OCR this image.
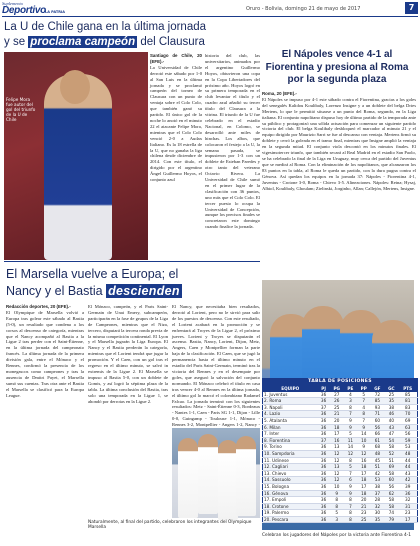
Suplemento
Deportivo LA PATRIA	Oruro - Bolivia, domingo 21 de mayo de 2017	7
La U de Chile gana en la última jornada
y se proclama campeón del Clausura
Felipe Mora fue autor del gol del triunfo de la U de Chile
Santiago de Chile, 20 (EFE).-
La Universidad de Chile derrotó este sábado por 1-0 al San Luis en la última jornada y se proclamó campeón del torneo de Clausura con un punto de ventaja sobre el Colo Colo, que también ganó su partido. El único gol de la noche lo anotó en el minuto 22 el atacante Felipe Mora, mientras que el Colo Colo venció 2-0 a Audax Italiano. Es la 18 estrella de la U, que no ganaba la liga chilena desde diciembre de 2014. Con este título, el dirigido por el argentino Ángel Guillermo Hoyos, el conjunto azul
historia del club, las universitarios, animados por el argentino Guillermo Hoyos, obtuvieron una copa en la Copa Libertadores del próximo año. Hoyos logró en su primera temporada en el club levantar el título y el cuadro azul añadió su tercer título del Clausura a la vitrina. El triunfo de la U fue celebrado en el estadio Nacional, en Colomo, se desarrolló ante miles de hinchas. Los albos, que colocaron el festejo a la U, la semana pasada, se impusieron por 1-3 con un doblete de Esteban Paredes y otro tanto del veterano Octavio Rivera. La Universidad de Chile sumó en el primer lugar de la clasificación con 36 puntos, uno más que el Colo Colo. El tercer puesto lo ocupa la Universidad de Concepción, aunque los precisos finales se concretaron este domingo cuando finalice la jornada.
El Nápoles vence 4-1 al Fiorentina y presiona al Roma por la segunda plaza
Roma, 20 (EFE).-
El Nápoles se impuso por 4-1 este sábado contra el Fiorentina, gracias a los goles del senegalés Kalidou Koulibaly, Lorenzo Insigne y a un doblete del belga Dries Mertens, lo que le permitió situarse a un punto del Roma, segundo, en la Liga italiana. El conjunto napolitano dispuso hoy de último partido de la temporada ante su público y protagonizó una sólida actuación para comenzar un siguiente partido victoria del club. El belga Koulibaly desbloqueó el marcador al minuto 21 y el equipo dirigido por Maurizio Sarri se fue al descanso con ventaja. Mertens firmó su doblete y cerró la goleada en el tramo final, mientras que Insigne amplió la ventaja en la segunda mitad. El conjunto viola descontó en los minutos finales. El vigesimotercer triunfo, que también secará al Real Madrid en el estadio San Paolo, se ha celebrado la final de la Liga en Uruguay, muy cerca del partido del Juventus que se medirá al Roma. Con la eliminación de los napolitanos, que alcanzaron los 83 puntos en la tabla, al Roma le queda un partido, con la dura pugna contra el Génova. Así quedan los equipos en la jornada 37: Nápoles - Fiorentina 4-1, Juventus - Crotone 3-0, Roma - Chievo 3-5. Alineaciones. Nápoles: Reina; Hysaj, Albiol, Koulibaly, Ghoulam; Zielinski, Jorginho, Allan; Callejón, Mertens, Insigne.
TABLA DE POSICIONES
EQUIPO	PJ	PG	PE	PP	GF	GC	PTS
1. Juventus	36	27	4	5	72	25	85
2. Roma	36	26	3	7	85	35	81
3. Napoli	37	25	8	4	93	38	83
4. Lazio	36	21	7	8	71	46	70
5. Atalanta	36	20	9	7	60	40	69
6. Milan	36	18	9	9	56	43	63
7. Inter	36	17	5	14	66	47	56
8. Fiorentina	37	16	11	10	61	54	59
9. Torino	36	13	14	9	68	58	53
10. Sampdoria	36	12	12	12	48	52	48
11. Udinese	36	12	8	16	45	51	44
12. Cagliari	36	13	5	18	51	69	44
13. Chievo	36	12	7	17	42	58	43
14. Sassuolo	36	12	6	18	53	60	42
15. Bologna	36	10	9	17	38	56	39
16. Génova	36	9	9	18	37	62	36
17. Empoli	36	8	8	20	28	58	32
18. Crotone	36	8	7	21	32	58	31
19. Palermo	36	5	8	23	30	74	23
20. Pescara	36	3	8	25	35	79	17
Celebran los jugadores del Nápoles por la victoria ante Fiorentina 4-1
El Marsella vuelve a Europa; el
Nancy y el Bastia descienden
Redacción deportes, 20 (EFE).-
El Olympique de Marsella volvió a Europa tras golear este sábado al Bastia (5-0), un resultado que condena a los corsos al descenso de categoría, mientras que el Nancy acompañó al Bastia a la Ligue 2 tras perder con el Saint-Étienne, en la última jornada del campeonato francés. La última jornada de la primera división gala, entre el Mónaco y el Rennes, confirmó la presencia de los monegascos como campeones y tras la ausencia de Dmitri Payet, el Marsella sumó sus cuentas. Tras otra ante el Bastia el Marsella se clasificó para la Europa League.
El Mónaco, campeón, y el Paris Saint-Germain de Unai Emery, subcampeón, participarán en la fase de grupos de la Liga de Campeones, mientras que el Niza, tercero, disputará la tercera ronda previa de la misma competición continental. El Lyon y el Marsella jugarán la Liga Europa. El Nancy y el Bastia perderán la categoría, mientras que el Lorient tendrá que jugar la promoción. Y el Caen, con un gol tras el regreso en el último minuto, se salvó in extremis de la Ligue 2. El Marsella se impuso al Bastia 5-0, con un doblete de Gomis, y así logró la séptima plaza de la tabla. La última conclusión del Bastia, tras solo una temporada en la Ligue 1, se ahondó por derrotas en la Ligue 2.
El Nancy, que necesitaba bien resultados, derrotó al Lorient, pero no le sirvió para salir de los puestos de descenso. Con este resultado, el Lorient acabará en la promoción y se enfrentará al Troyes de la Ligue 2, el próximo jueves. Lorient y Troyes se disputarán el ascenso. Bastia, Nancy, Lorient, Dijon, Metz, Angers, Caen y Montpellier forman la parte baja de la clasificación. El Caen, que se jugó la permanencia hasta el último minuto en el estadio del Paris Saint-Germain, terminó tras la victoria del Rennes y en el desempate por goles, que aseguró la salvación del conjunto normando. El Mónaco celebró el título en casa tras vencer 4-0 al Rennes en la última jornada, el último gol lo marcó el colombiano Radamel Falcao. La jornada terminó con los siguientes resultados: Metz - Saint-Étienne 0-3, Bordeaux - Nantes 1-1, Caen - Paris SG 1-1, Dijon - Lille 0-0, Guingamp - Toulouse 1-1, Mónaco - Rennes 3-2, Montpellier - Angers 1-2, Nancy -
Naturalmente, al final del partido, celebraron los integrantes del Olympique Marsella
